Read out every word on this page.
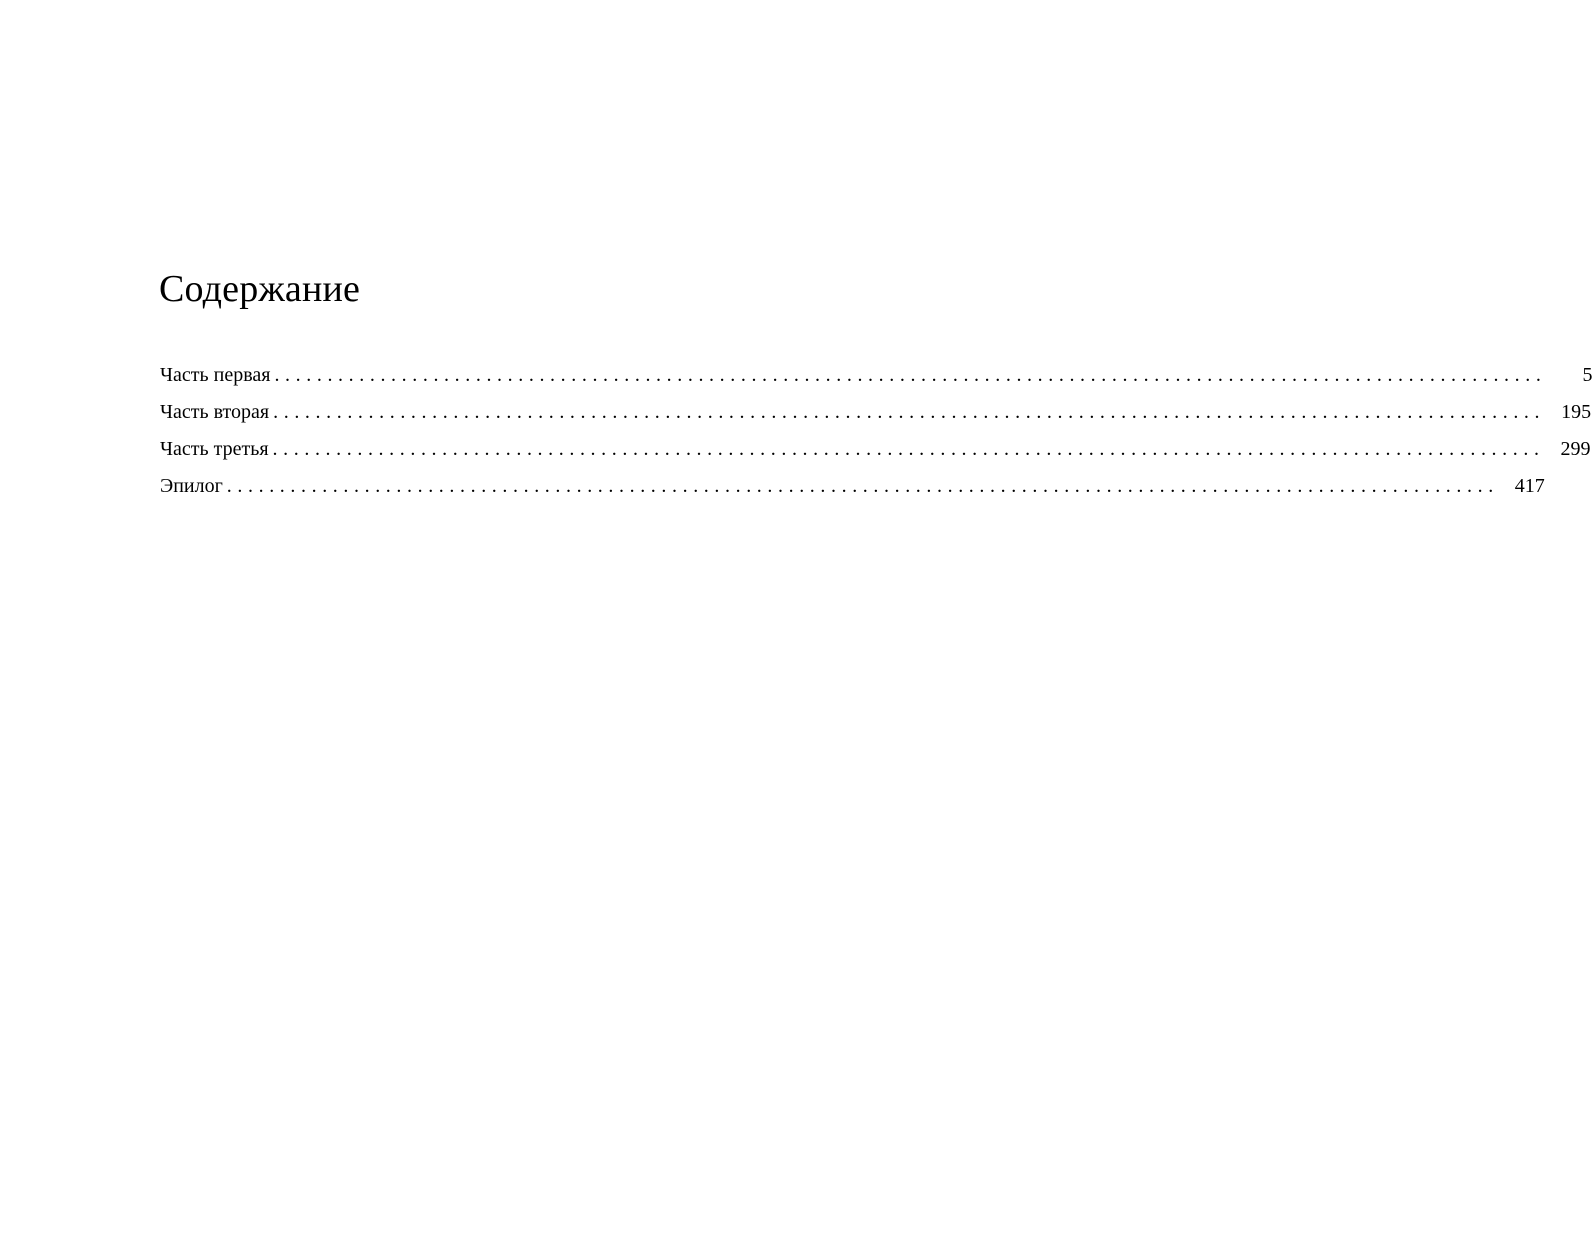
Содержание
Часть первая ........................................................................................................................	5
Часть вторая ........................................................................................................................ 195
Часть третья ........................................................................................................................ 299
Эпилог ........................................................................................................................ 417
